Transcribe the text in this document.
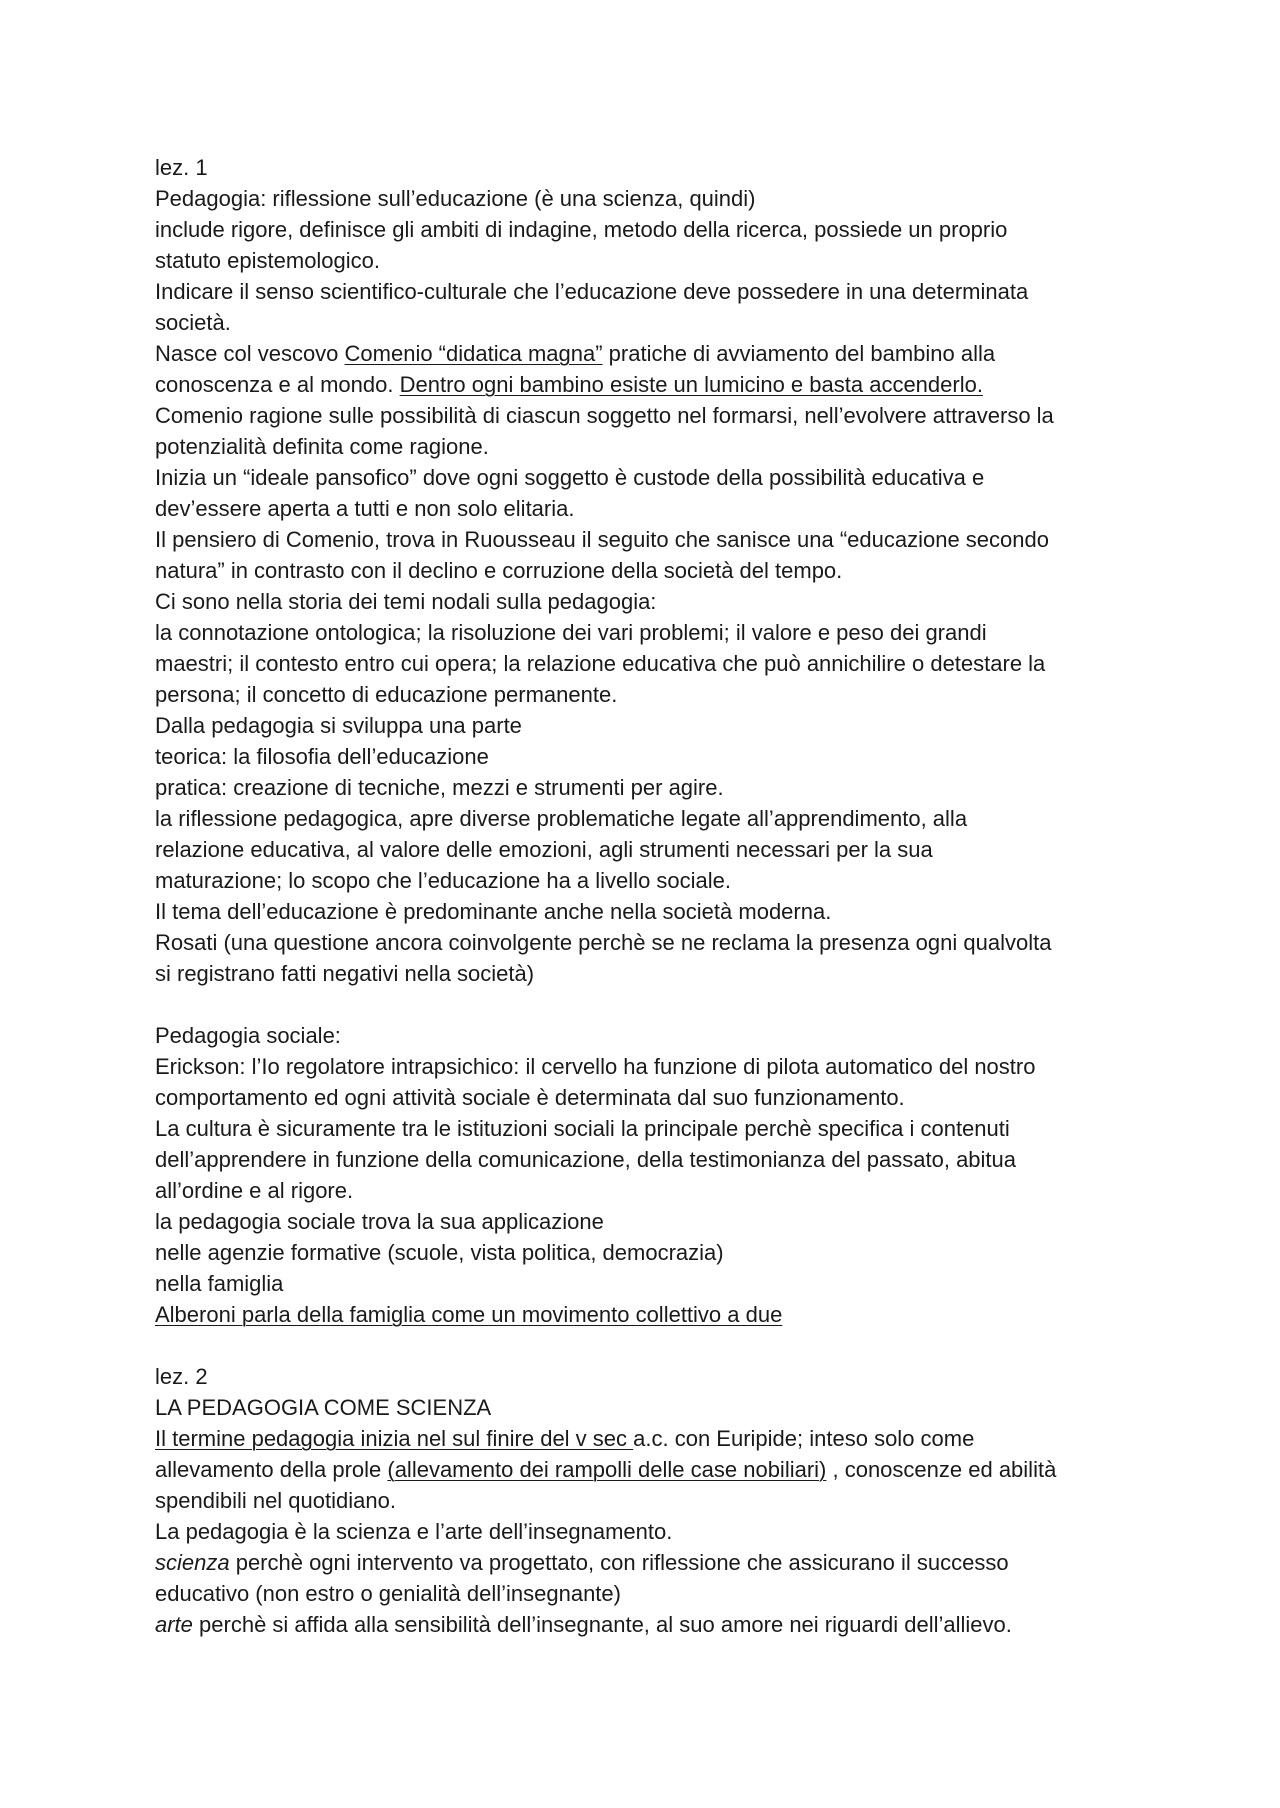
lez. 1
Pedagogia: riflessione sull’educazione (è una scienza, quindi)
include rigore, definisce gli ambiti di indagine, metodo della ricerca, possiede un proprio
statuto epistemologico.
Indicare il senso scientifico-culturale che l’educazione deve possedere in una determinata
società.
Nasce col vescovo Comenio “didatica magna” pratiche di avviamento del bambino alla
conoscenza e al mondo. Dentro ogni bambino esiste un lumicino e basta accenderlo.
Comenio ragione sulle possibilità di ciascun soggetto nel formarsi, nell’evolvere attraverso la
potenzialità definita come ragione.
Inizia un “ideale pansofico” dove ogni soggetto è custode della possibilità educativa e
dev’essere aperta a tutti e non solo elitaria.
Il pensiero di Comenio, trova in Ruousseau il seguito che sanisce una “educazione secondo
natura” in contrasto con il declino e corruzione della società del tempo.
Ci sono nella storia dei temi nodali sulla pedagogia:
la connotazione ontologica; la risoluzione dei vari problemi; il valore e peso dei grandi
maestri; il contesto entro cui opera; la relazione educativa che può annichilire o detestare la
persona; il concetto di educazione permanente.
Dalla pedagogia si sviluppa una parte
teorica: la filosofia dell’educazione
pratica: creazione di tecniche, mezzi e strumenti per agire.
la riflessione pedagogica, apre diverse problematiche legate all’apprendimento, alla
relazione educativa, al valore delle emozioni, agli strumenti necessari per la sua
maturazione; lo scopo che l’educazione ha a livello sociale.
Il tema dell’educazione è predominante anche nella società moderna.
Rosati (una questione ancora coinvolgente perchè se ne reclama la presenza ogni qualvolta
si registrano fatti negativi nella società)
Pedagogia sociale:
Erickson: l’Io regolatore intrapsichico: il cervello ha funzione di pilota automatico del nostro
comportamento ed ogni attività sociale è determinata dal suo funzionamento.
La cultura è sicuramente tra le istituzioni sociali la principale perchè specifica i contenuti
dell’apprendere in funzione della comunicazione, della testimonianza del passato, abitua
all’ordine e al rigore.
la pedagogia sociale trova la sua applicazione
nelle agenzie formative (scuole, vista politica, democrazia)
nella famiglia
Alberoni parla della famiglia come un movimento collettivo a due
lez. 2
LA PEDAGOGIA COME SCIENZA
Il termine pedagogia inizia nel sul finire del v sec a.c. con Euripide; inteso solo come
allevamento della prole (allevamento dei rampolli delle case nobiliari) , conoscenze ed abilità
spendibili nel quotidiano.
La pedagogia è la scienza e l’arte dell’insegnamento.
scienza perchè ogni intervento va progettato, con riflessione che assicurano il successo
educativo (non estro o genialità dell’insegnante)
arte perchè si affida alla sensibilità dell’insegnante, al suo amore nei riguardi dell’allievo.
